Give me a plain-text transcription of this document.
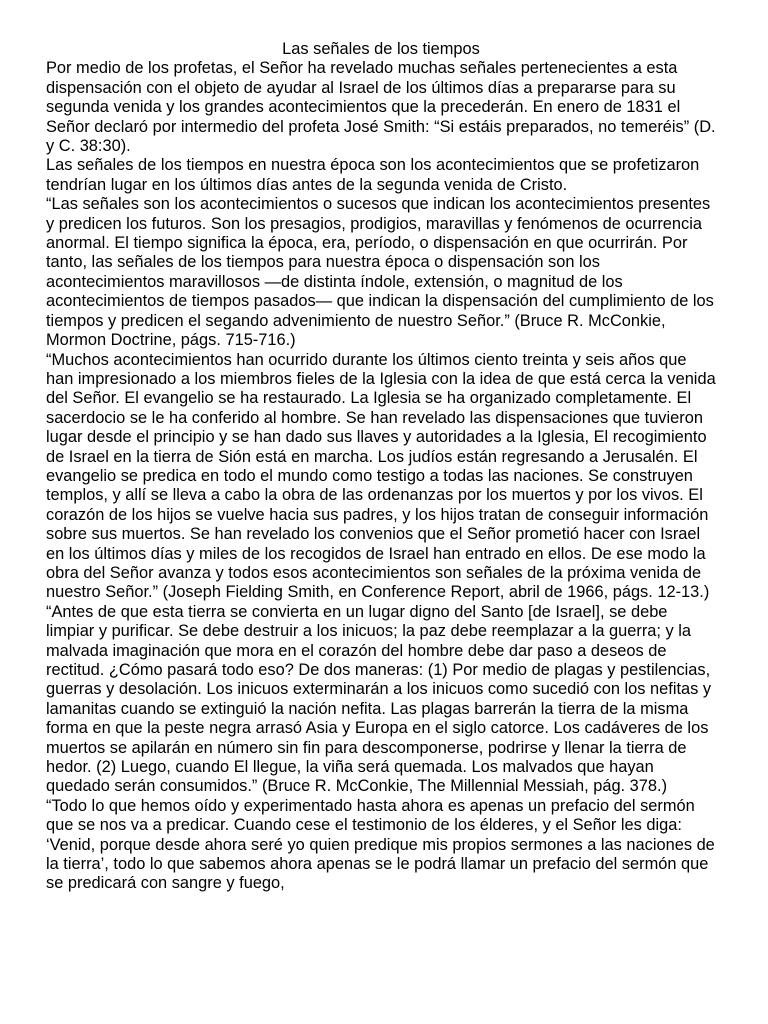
Las señales de los tiempos

Por medio de los profetas, el Señor ha revelado muchas señales pertenecientes a esta dispensación con el objeto de ayudar al Israel de los últimos días a prepararse para su segunda venida y los grandes acontecimientos que la precederán. En enero de 1831 el Señor declaró por intermedio del profeta José Smith: “Si estáis preparados, no temeréis” (D. y C. 38:30).

Las señales de los tiempos en nuestra época son los acontecimientos que se profetizaron tendrían lugar en los últimos días antes de la segunda venida de Cristo.

“Las señales son los acontecimientos o sucesos que indican los acontecimientos presentes y predicen los futuros. Son los presagios, prodigios, maravillas y fenómenos de ocurrencia anormal. El tiempo significa la época, era, período, o dispensación en que ocurrirán. Por tanto, las señales de los tiempos para nuestra época o dispensación son los acontecimientos maravillosos —de distinta índole, extensión, o magnitud de los acontecimientos de tiempos pasados— que indican la dispensación del cumplimiento de los tiempos y predicen el segando advenimiento de nuestro Señor.” (Bruce R. McConkie, Mormon Doctrine, págs. 715-716.)

“Muchos acontecimientos han ocurrido durante los últimos ciento treinta y seis años que han impresionado a los miembros fieles de la Iglesia con la idea de que está cerca la venida del Señor. El evangelio se ha restaurado. La Iglesia se ha organizado completamente. El sacerdocio se le ha conferido al hombre. Se han revelado las dispensaciones que tuvieron lugar desde el principio y se han dado sus llaves y autoridades a la Iglesia, El recogimiento de Israel en la tierra de Sión está en marcha. Los judíos están regresando a Jerusalén. El evangelio se predica en todo el mundo como testigo a todas las naciones. Se construyen templos, y allí se lleva a cabo la obra de las ordenanzas por los muertos y por los vivos. El corazón de los hijos se vuelve hacia sus padres, y los hijos tratan de conseguir información sobre sus muertos. Se han revelado los convenios que el Señor prometió hacer con Israel en los últimos días y miles de los recogidos de Israel han entrado en ellos. De ese modo la obra del Señor avanza y todos esos acontecimientos son señales de la próxima venida de nuestro Señor.” (Joseph Fielding Smith, en Conference Report, abril de 1966, págs. 12-13.)

“Antes de que esta tierra se convierta en un lugar digno del Santo [de Israel], se debe limpiar y purificar. Se debe destruir a los inicuos; la paz debe reemplazar a la guerra; y la malvada imaginación que mora en el corazón del hombre debe dar paso a deseos de rectitud. ¿Cómo pasará todo eso? De dos maneras: (1) Por medio de plagas y pestilencias, guerras y desolación. Los inicuos exterminarán a los inicuos como sucedió con los nefitas y lamanitas cuando se extinguió la nación nefita. Las plagas barrerán la tierra de la misma forma en que la peste negra arrasó Asia y Europa en el siglo catorce. Los cadáveres de los muertos se apilarán en número sin fin para descomponerse, podrirse y llenar la tierra de hedor. (2) Luego, cuando El llegue, la viña será quemada. Los malvados que hayan quedado serán consumidos.” (Bruce R. McConkie, The Millennial Messiah, pág. 378.)

“Todo lo que hemos oído y experimentado hasta ahora es apenas un prefacio del sermón que se nos va a predicar. Cuando cese el testimonio de los élderes, y el Señor les diga: ‘Venid, porque desde ahora seré yo quien predique mis propios sermones a las naciones de la tierra’, todo lo que sabemos ahora apenas se le podrá llamar un prefacio del sermón que se predicará con sangre y fuego,
